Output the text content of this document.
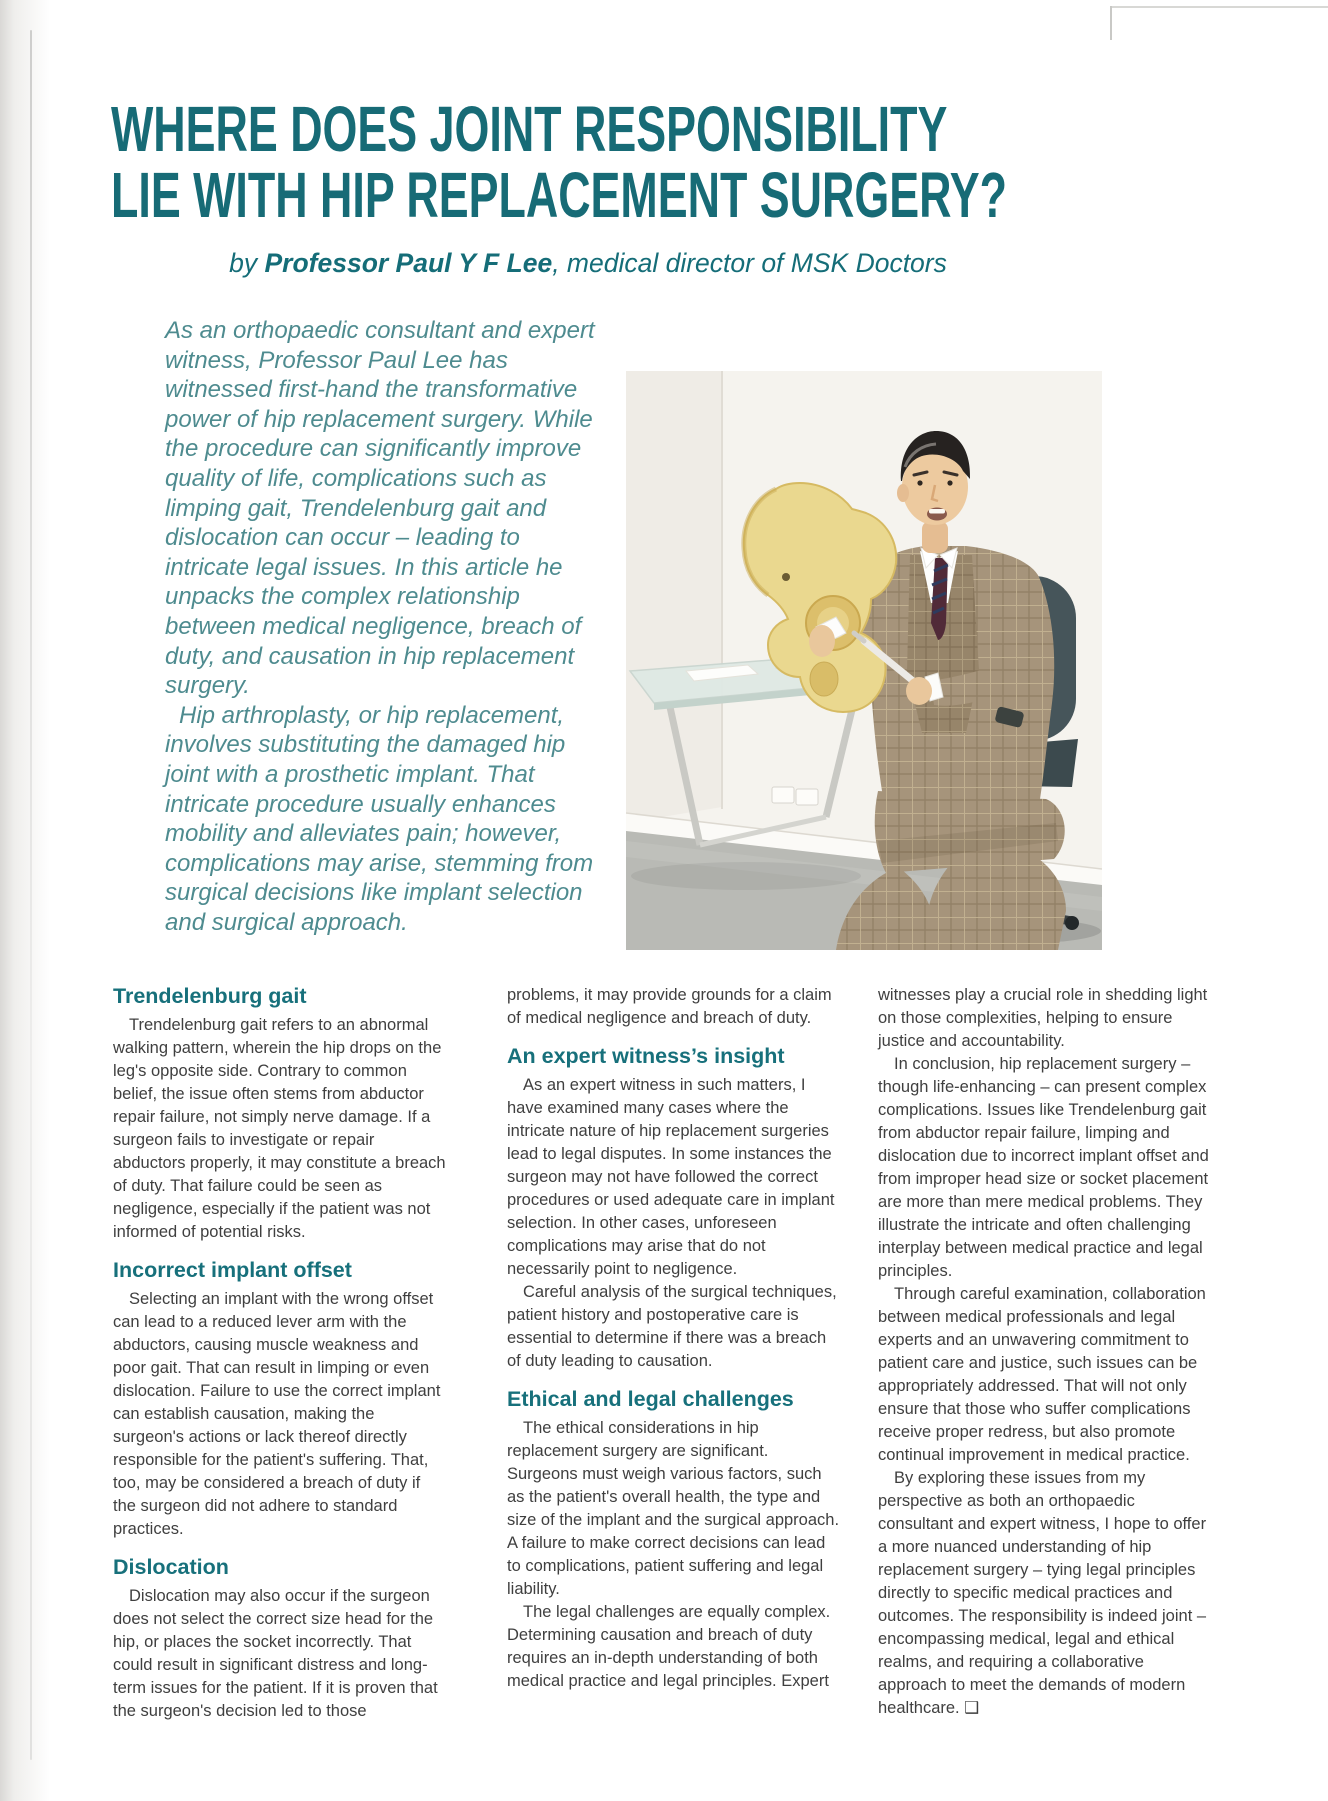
WHERE DOES JOINT RESPONSIBILITY
LIE WITH HIP REPLACEMENT SURGERY?
by Professor Paul Y F Lee, medical director of MSK Doctors

As an orthopaedic consultant and expert witness, Professor Paul Lee has witnessed first-hand the transformative power of hip replacement surgery. While the procedure can significantly improve quality of life, complications such as limping gait, Trendelenburg gait and dislocation can occur – leading to intricate legal issues. In this article he unpacks the complex relationship between medical negligence, breach of duty, and causation in hip replacement surgery.

Hip arthroplasty, or hip replacement, involves substituting the damaged hip joint with a prosthetic implant. That intricate procedure usually enhances mobility and alleviates pain; however, complications may arise, stemming from surgical decisions like implant selection and surgical approach.

Trendelenburg gait

Trendelenburg gait refers to an abnormal walking pattern, wherein the hip drops on the leg's opposite side. Contrary to common belief, the issue often stems from abductor repair failure, not simply nerve damage. If a surgeon fails to investigate or repair abductors properly, it may constitute a breach of duty. That failure could be seen as negligence, especially if the patient was not informed of potential risks.

Incorrect implant offset

Selecting an implant with the wrong offset can lead to a reduced lever arm with the abductors, causing muscle weakness and poor gait. That can result in limping or even dislocation. Failure to use the correct implant can establish causation, making the surgeon's actions or lack thereof directly responsible for the patient's suffering. That, too, may be considered a breach of duty if the surgeon did not adhere to standard practices.

Dislocation

Dislocation may also occur if the surgeon does not select the correct size head for the hip, or places the socket incorrectly. That could result in significant distress and long-term issues for the patient. If it is proven that the surgeon's decision led to those

problems, it may provide grounds for a claim of medical negligence and breach of duty.

An expert witness’s insight

As an expert witness in such matters, I have examined many cases where the intricate nature of hip replacement surgeries lead to legal disputes. In some instances the surgeon may not have followed the correct procedures or used adequate care in implant selection. In other cases, unforeseen complications may arise that do not necessarily point to negligence.

Careful analysis of the surgical techniques, patient history and postoperative care is essential to determine if there was a breach of duty leading to causation.

Ethical and legal challenges

The ethical considerations in hip replacement surgery are significant. Surgeons must weigh various factors, such as the patient's overall health, the type and size of the implant and the surgical approach. A failure to make correct decisions can lead to complications, patient suffering and legal liability.

The legal challenges are equally complex. Determining causation and breach of duty requires an in-depth understanding of both medical practice and legal principles. Expert

witnesses play a crucial role in shedding light on those complexities, helping to ensure justice and accountability.

In conclusion, hip replacement surgery – though life-enhancing – can present complex complications. Issues like Trendelenburg gait from abductor repair failure, limping and dislocation due to incorrect implant offset and from improper head size or socket placement are more than mere medical problems. They illustrate the intricate and often challenging interplay between medical practice and legal principles.

Through careful examination, collaboration between medical professionals and legal experts and an unwavering commitment to patient care and justice, such issues can be appropriately addressed. That will not only ensure that those who suffer complications receive proper redress, but also promote continual improvement in medical practice.

By exploring these issues from my perspective as both an orthopaedic consultant and expert witness, I hope to offer a more nuanced understanding of hip replacement surgery – tying legal principles directly to specific medical practices and outcomes. The responsibility is indeed joint – encompassing medical, legal and ethical realms, and requiring a collaborative approach to meet the demands of modern healthcare. ❑
